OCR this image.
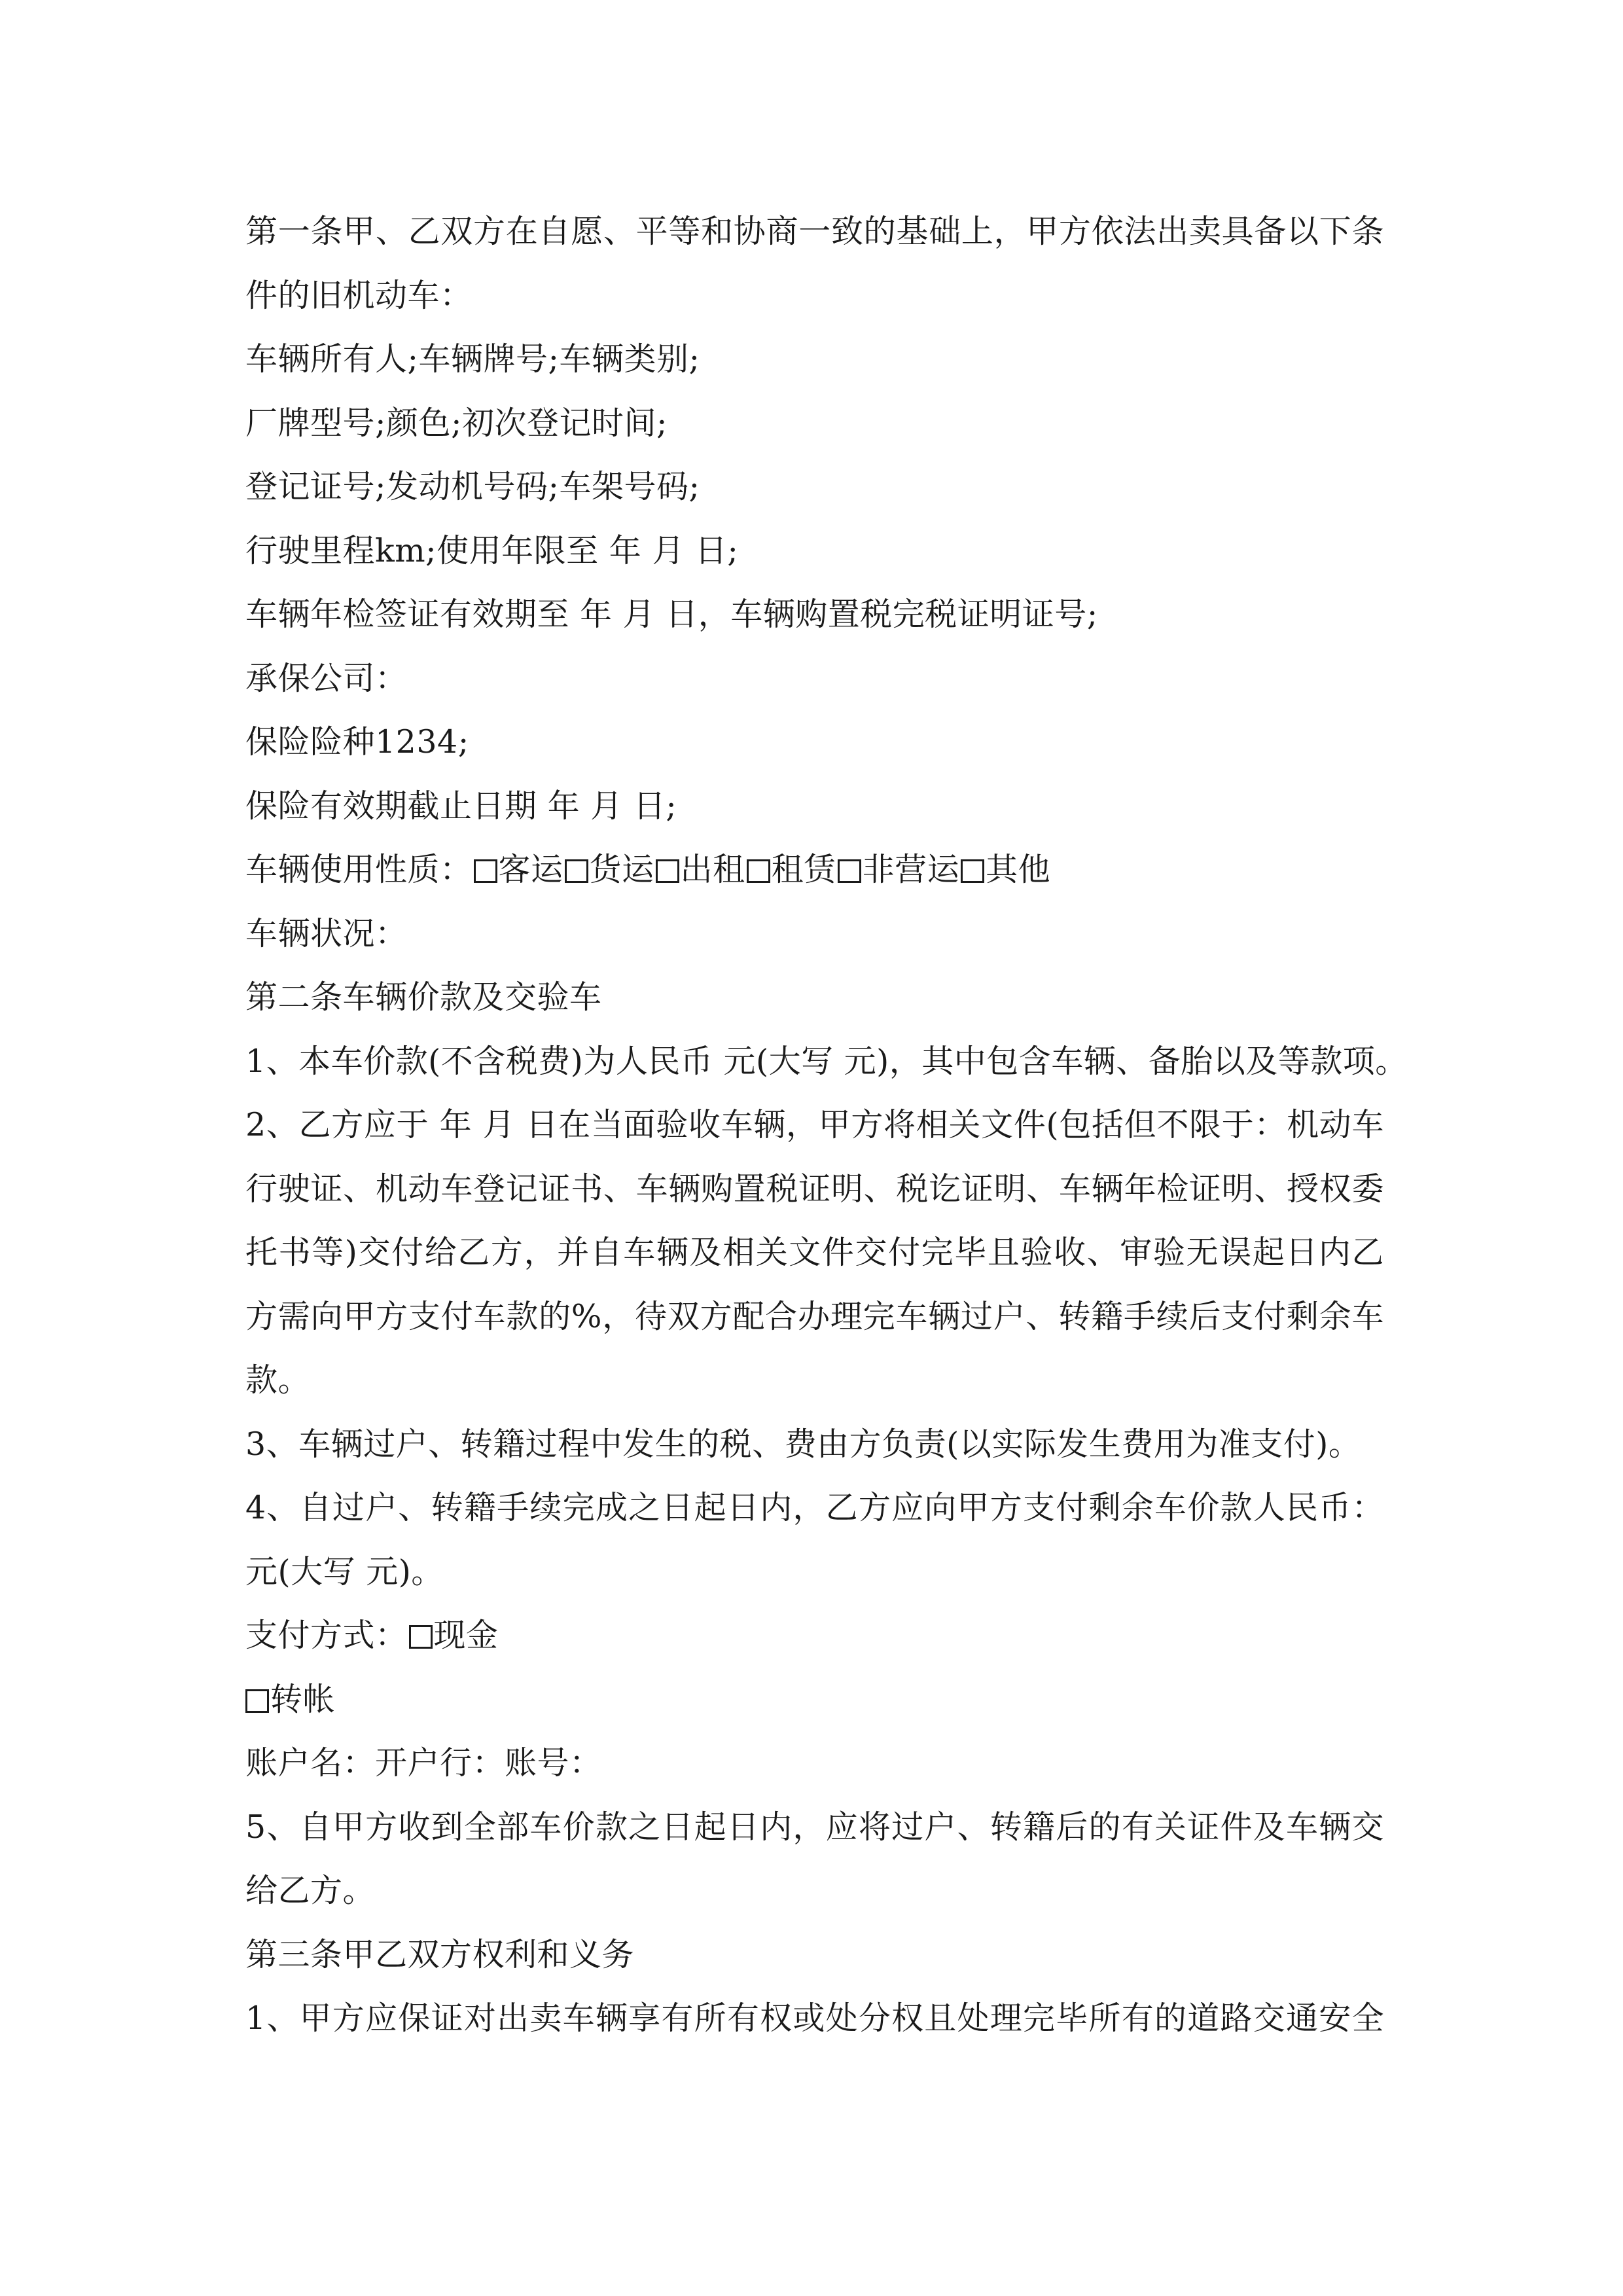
第一条甲、乙双方在自愿、平等和协商一致的基础上，甲方依法出卖具备以下条
件的旧机动车：
车辆所有人;车辆牌号;车辆类别;
厂牌型号;颜色;初次登记时间;
登记证号;发动机号码;车架号码;
行驶里程km;使用年限至 年 月 日;
车辆年检签证有效期至 年 月 日，车辆购置税完税证明证号;
承保公司：
保险险种1234;
保险有效期截止日期 年 月 日;
车辆使用性质： 客运 货运 出租 租赁 非营运 其他
车辆状况：
第二条车辆价款及交验车
1、本车价款(不含税费)为人民币 元(大写 元)，其中包含车辆、备胎以及等款项。
2、乙方应于 年 月 日在当面验收车辆，甲方将相关文件(包括但不限于：机动车
行驶证、机动车登记证书、车辆购置税证明、税讫证明、车辆年检证明、授权委
托书等)交付给乙方，并自车辆及相关文件交付完毕且验收、审验无误起日内乙
方需向甲方支付车款的%，待双方配合办理完车辆过户、转籍手续后支付剩余车
款。
3、车辆过户、转籍过程中发生的税、费由方负责(以实际发生费用为准支付)。
4、自过户、转籍手续完成之日起日内，乙方应向甲方支付剩余车价款人民币：
元(大写 元)。
支付方式： 现金
转帐
账户名：开户行：账号：
5、自甲方收到全部车价款之日起日内，应将过户、转籍后的有关证件及车辆交
给乙方。
第三条甲乙双方权利和义务
1、甲方应保证对出卖车辆享有所有权或处分权且处理完毕所有的道路交通安全
